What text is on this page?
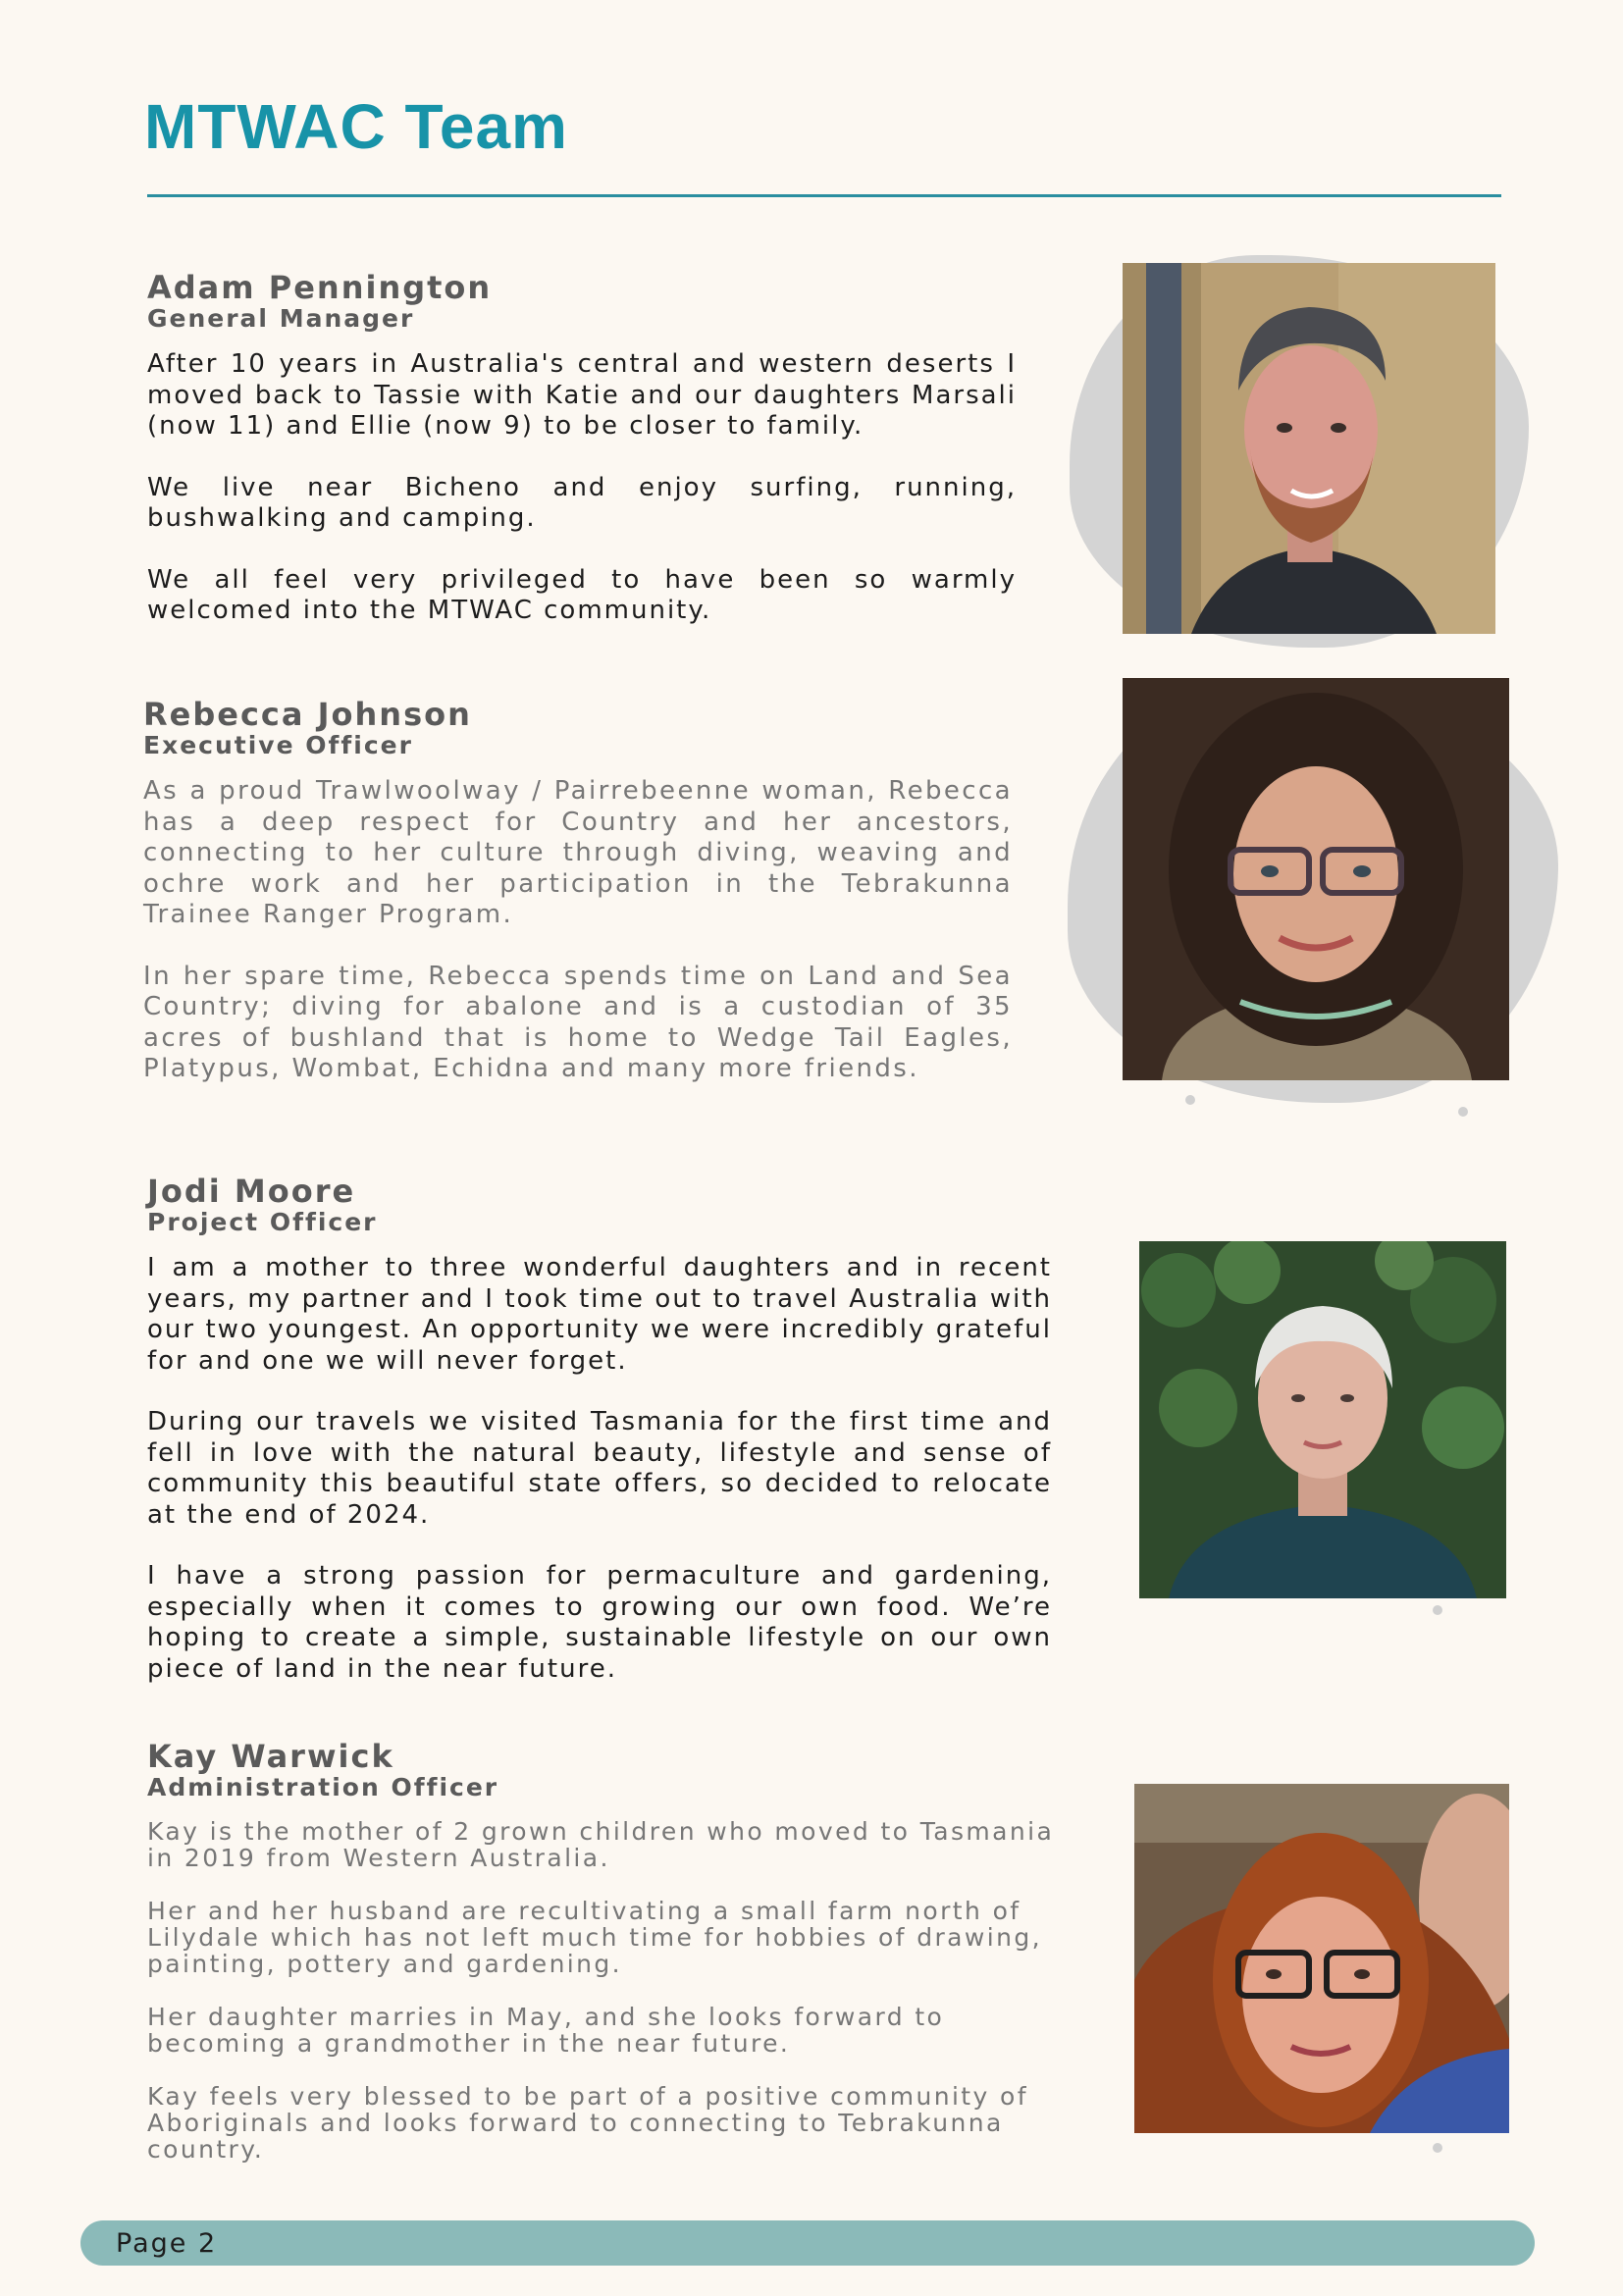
MTWAC Team
Adam Pennington
General Manager

After 10 years in Australia's central and western deserts I moved back to Tassie with Katie and our daughters Marsali (now 11) and Ellie (now 9) to be closer to family.

We live near Bicheno and enjoy surfing, running, bushwalking and camping.

We all feel very privileged to have been so warmly welcomed into the MTWAC community.

Rebecca Johnson
Executive Officer

As a proud Trawlwoolway / Pairrebeenne woman, Rebecca has a deep respect for Country and her ancestors, connecting to her culture through diving, weaving and ochre work and her participation in the Tebrakunna Trainee Ranger Program.

In her spare time, Rebecca spends time on Land and Sea Country; diving for abalone and is a custodian of 35 acres of bushland that is home to Wedge Tail Eagles, Platypus, Wombat, Echidna and many more friends.

Jodi Moore
Project Officer

I am a mother to three wonderful daughters and in recent years, my partner and I took time out to travel Australia with our two youngest. An opportunity we were incredibly grateful for and one we will never forget.

During our travels we visited Tasmania for the first time and fell in love with the natural beauty, lifestyle and sense of community this beautiful state offers, so decided to relocate at the end of 2024.

I have a strong passion for permaculture and gardening, especially when it comes to growing our own food. We’re hoping to create a simple, sustainable lifestyle on our own piece of land in the near future.

Kay Warwick
Administration Officer

Kay is the mother of 2 grown children who moved to Tasmania in 2019 from Western Australia.

Her and her husband are recultivating a small farm north of Lilydale which has not left much time for hobbies of drawing, painting, pottery and gardening.

Her daughter marries in May, and she looks forward to becoming a grandmother in the near future.

Kay feels very blessed to be part of a positive community of Aboriginals and looks forward to connecting to Tebrakunna country.

Page 2
